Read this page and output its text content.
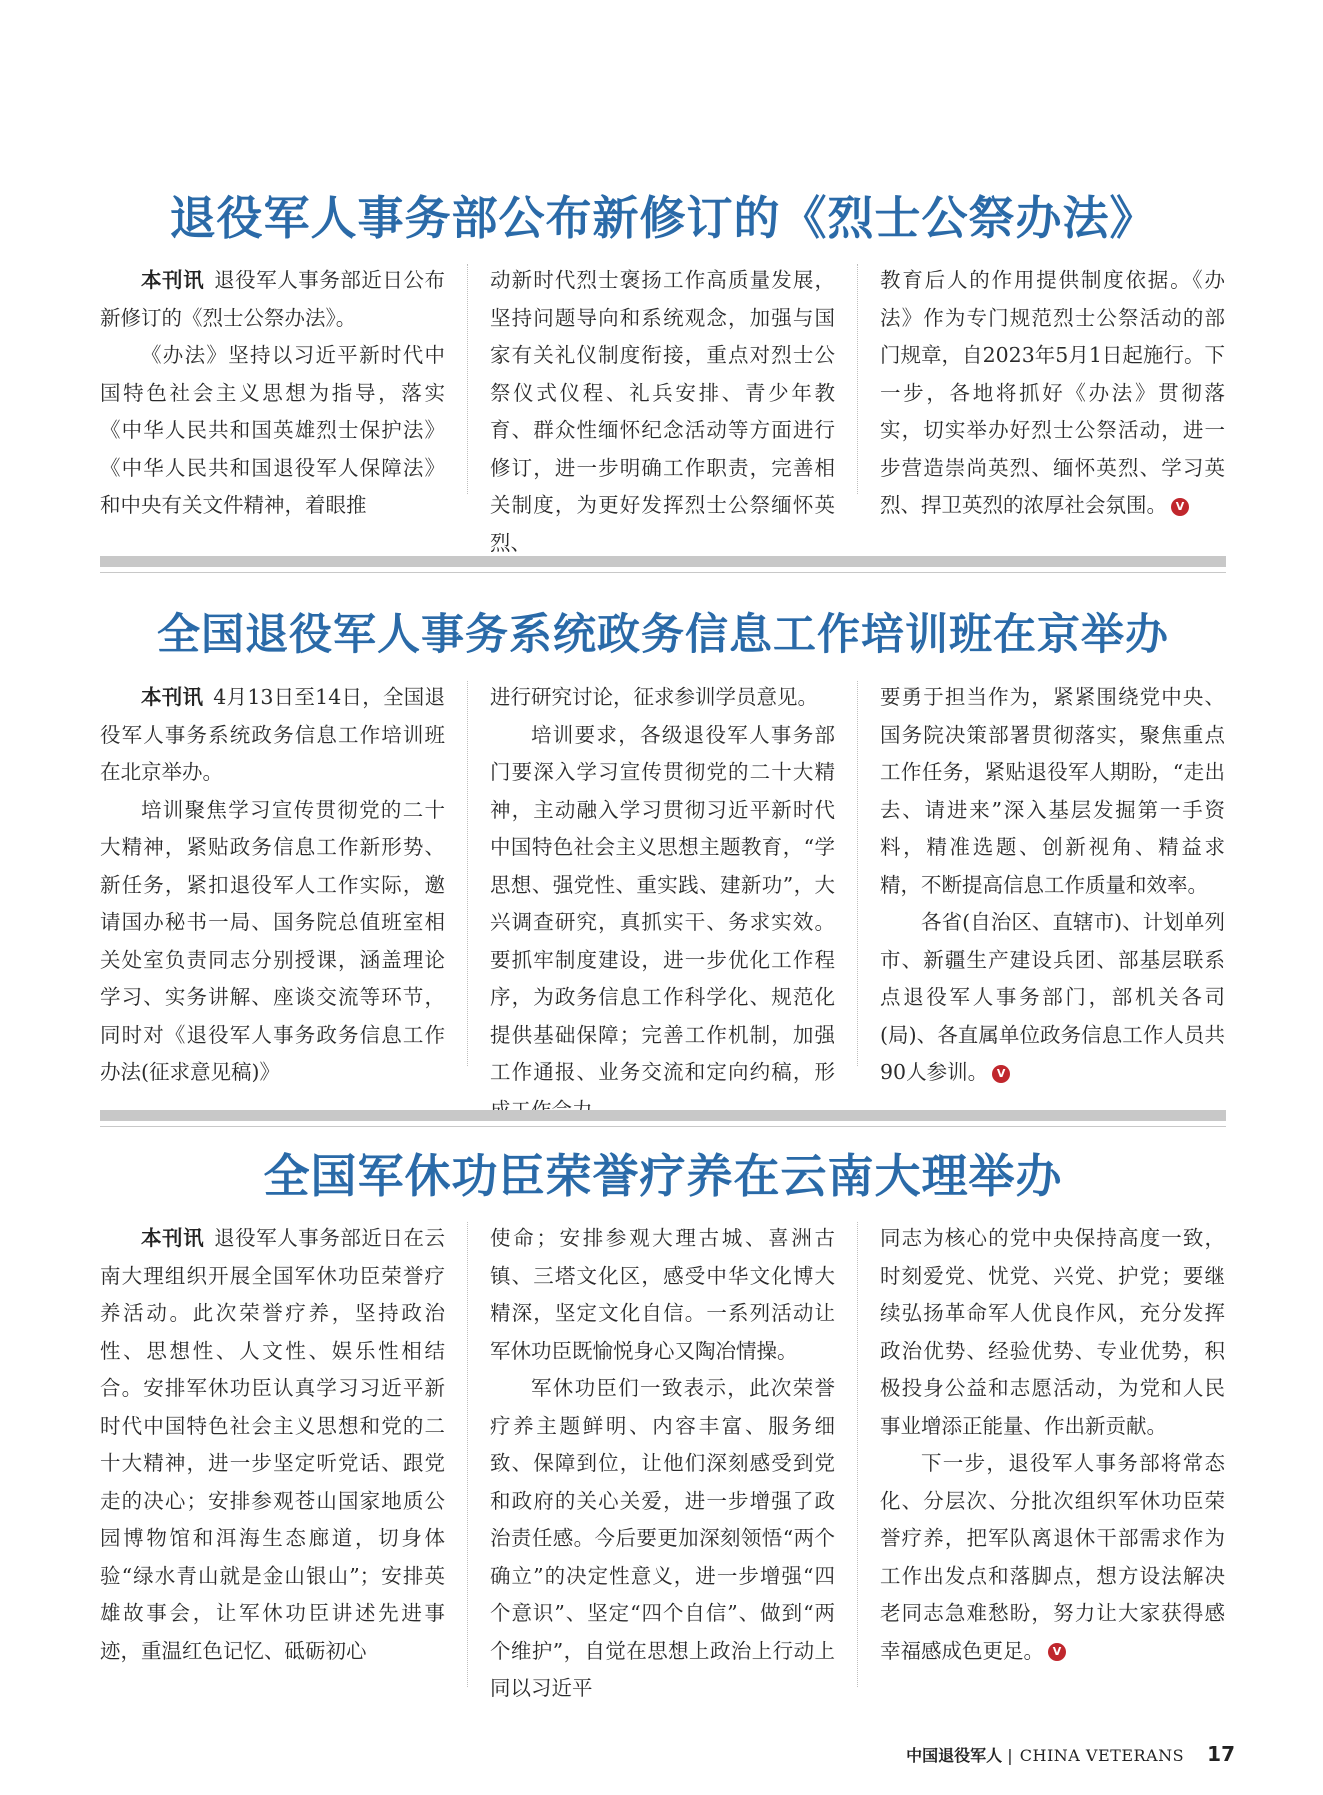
退役军人事务部公布新修订的《烈士公祭办法》

本刊讯 退役军人事务部近日公布新修订的《烈士公祭办法》。

《办法》坚持以习近平新时代中国特色社会主义思想为指导，落实《中华人民共和国英雄烈士保护法》《中华人民共和国退役军人保障法》和中央有关文件精神，着眼推

动新时代烈士褒扬工作高质量发展，坚持问题导向和系统观念，加强与国家有关礼仪制度衔接，重点对烈士公祭仪式仪程、礼兵安排、青少年教育、群众性缅怀纪念活动等方面进行修订，进一步明确工作职责，完善相关制度，为更好发挥烈士公祭缅怀英烈、

教育后人的作用提供制度依据。《办法》作为专门规范烈士公祭活动的部门规章，自2023年5月1日起施行。下一步，各地将抓好《办法》贯彻落实，切实举办好烈士公祭活动，进一步营造崇尚英烈、缅怀英烈、学习英烈、捍卫英烈的浓厚社会氛围。 V

全国退役军人事务系统政务信息工作培训班在京举办

本刊讯 4月13日至14日，全国退役军人事务系统政务信息工作培训班在北京举办。

培训聚焦学习宣传贯彻党的二十大精神，紧贴政务信息工作新形势、新任务，紧扣退役军人工作实际，邀请国办秘书一局、国务院总值班室相关处室负责同志分别授课，涵盖理论学习、实务讲解、座谈交流等环节，同时对《退役军人事务政务信息工作办法(征求意见稿)》

进行研究讨论，征求参训学员意见。

培训要求，各级退役军人事务部门要深入学习宣传贯彻党的二十大精神，主动融入学习贯彻习近平新时代中国特色社会主义思想主题教育，“学思想、强党性、重实践、建新功”，大兴调查研究，真抓实干、务求实效。要抓牢制度建设，进一步优化工作程序，为政务信息工作科学化、规范化提供基础保障；完善工作机制，加强工作通报、业务交流和定向约稿，形

要勇于担当作为，紧紧围绕党中央、国务院决策部署贯彻落实，聚焦重点工作任务，紧贴退役军人期盼，“走出去、请进来”深入基层发掘第一手资料，精准选题、创新视角、精益求精，不断提高信息工作质量和效率。

各省(自治区、直辖市)、计划单列市、新疆生产建设兵团、部基层联系点退役军人事务部门，部机关各司(局)、各直属单位政务信息工作人员共90人参训。 V

全国军休功臣荣誉疗养在云南大理举办

本刊讯 退役军人事务部近日在云南大理组织开展全国军休功臣荣誉疗养活动。此次荣誉疗养，坚持政治性、思想性、人文性、娱乐性相结合。安排军休功臣认真学习习近平新时代中国特色社会主义思想和党的二十大精神，进一步坚定听党话、跟党走的决心；安排参观苍山国家地质公园博物馆和洱海生态廊道，切身体验“绿水青山就是金山银山”；安排英雄故事会，让军休功臣讲述先进事迹，重温红色记忆、砥砺初心

使命；安排参观大理古城、喜洲古镇、三塔文化区，感受中华文化博大精深，坚定文化自信。一系列活动让军休功臣既愉悦身心又陶冶情操。

军休功臣们一致表示，此次荣誉疗养主题鲜明、内容丰富、服务细致、保障到位，让他们深刻感受到党和政府的关心关爱，进一步增强了政治责任感。今后要更加深刻领悟“两个确立”的决定性意义，进一步增强“四个意识”、坚定“四个自信”、做到“两个维护”，自觉在思想上政治上行动上同以习近平

同志为核心的党中央保持高度一致，时刻爱党、忧党、兴党、护党；要继续弘扬革命军人优良作风，充分发挥政治优势、经验优势、专业优势，积极投身公益和志愿活动，为党和人民事业增添正能量、作出新贡献。

下一步，退役军人事务部将常态化、分层次、分批次组织军休功臣荣誉疗养，把军队离退休干部需求作为工作出发点和落脚点，想方设法解决老同志急难愁盼，努力让大家获得感幸福感成色更足。 V

中国退役军人 | CHINA VETERANS 17
